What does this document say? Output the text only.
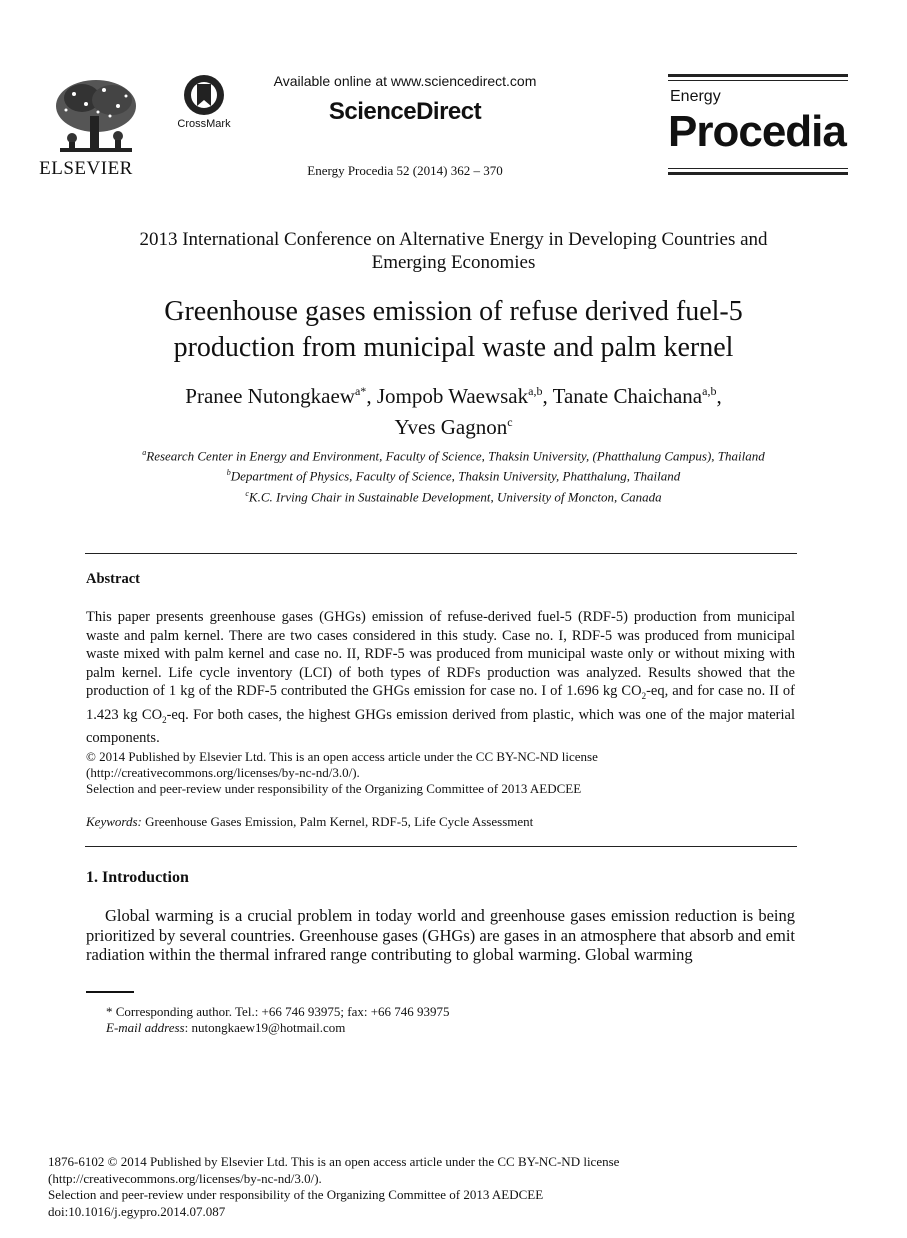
ELSEVIER
CrossMark
Available online at www.sciencedirect.com
ScienceDirect
Energy Procedia 52 (2014) 362 – 370
Energy
Procedia
2013 International Conference on Alternative Energy in Developing Countries and
Emerging Economies
Greenhouse gases emission of refuse derived fuel-5
production from municipal waste and palm kernel
Pranee Nutongkaew$^{a*}$, Jompob Waewsak$^{a,b}$, Tanate Chaichana$^{a,b}$,
Yves Gagnon$^c$
$^a$Research Center in Energy and Environment, Faculty of Science, Thaksin University, (Phatthalung Campus), Thailand
$^b$Department of Physics, Faculty of Science, Thaksin University, Phatthalung, Thailand
$^c$K.C. Irving Chair in Sustainable Development, University of Moncton, Canada
Abstract
This paper presents greenhouse gases (GHGs) emission of refuse-derived fuel-5 (RDF-5) production from municipal waste and palm kernel. There are two cases considered in this study. Case no. I, RDF-5 was produced from municipal waste mixed with palm kernel and case no. II, RDF-5 was produced from municipal waste only or without mixing with palm kernel. Life cycle inventory (LCI) of both types of RDFs production was analyzed. Results showed that the production of 1 kg of the RDF-5 contributed the GHGs emission for case no. I of 1.696 kg $CO_2-eq$, and for case no. II of 1.423 kg $CO_2-eq$. For both cases, the highest GHGs emission derived from plastic, which was one of the major material components.
© 2014 Published by Elsevier Ltd. This is an open access article under the CC BY-NC-ND license
(http://creativecommons.org/licenses/by-nc-nd/3.0/).
Selection and peer-review under responsibility of the Organizing Committee of 2013 AEDCEE
Keywords: Greenhouse Gases Emission, Palm Kernel, RDF-5, Life Cycle Assessment
1. Introduction
Global warming is a crucial problem in today world and greenhouse gases emission reduction is being prioritized by several countries. Greenhouse gases (GHGs) are gases in an atmosphere that absorb and emit radiation within the thermal infrared range contributing to global warming. Global warming
* Corresponding author. Tel.: +66 746 93975; fax: +66 746 93975
E-mail address: nutongkaew19@hotmail.com
1876-6102 © 2014 Published by Elsevier Ltd. This is an open access article under the CC BY-NC-ND license
(http://creativecommons.org/licenses/by-nc-nd/3.0/).
Selection and peer-review under responsibility of the Organizing Committee of 2013 AEDCEE
doi:10.1016/j.egypro.2014.07.087
